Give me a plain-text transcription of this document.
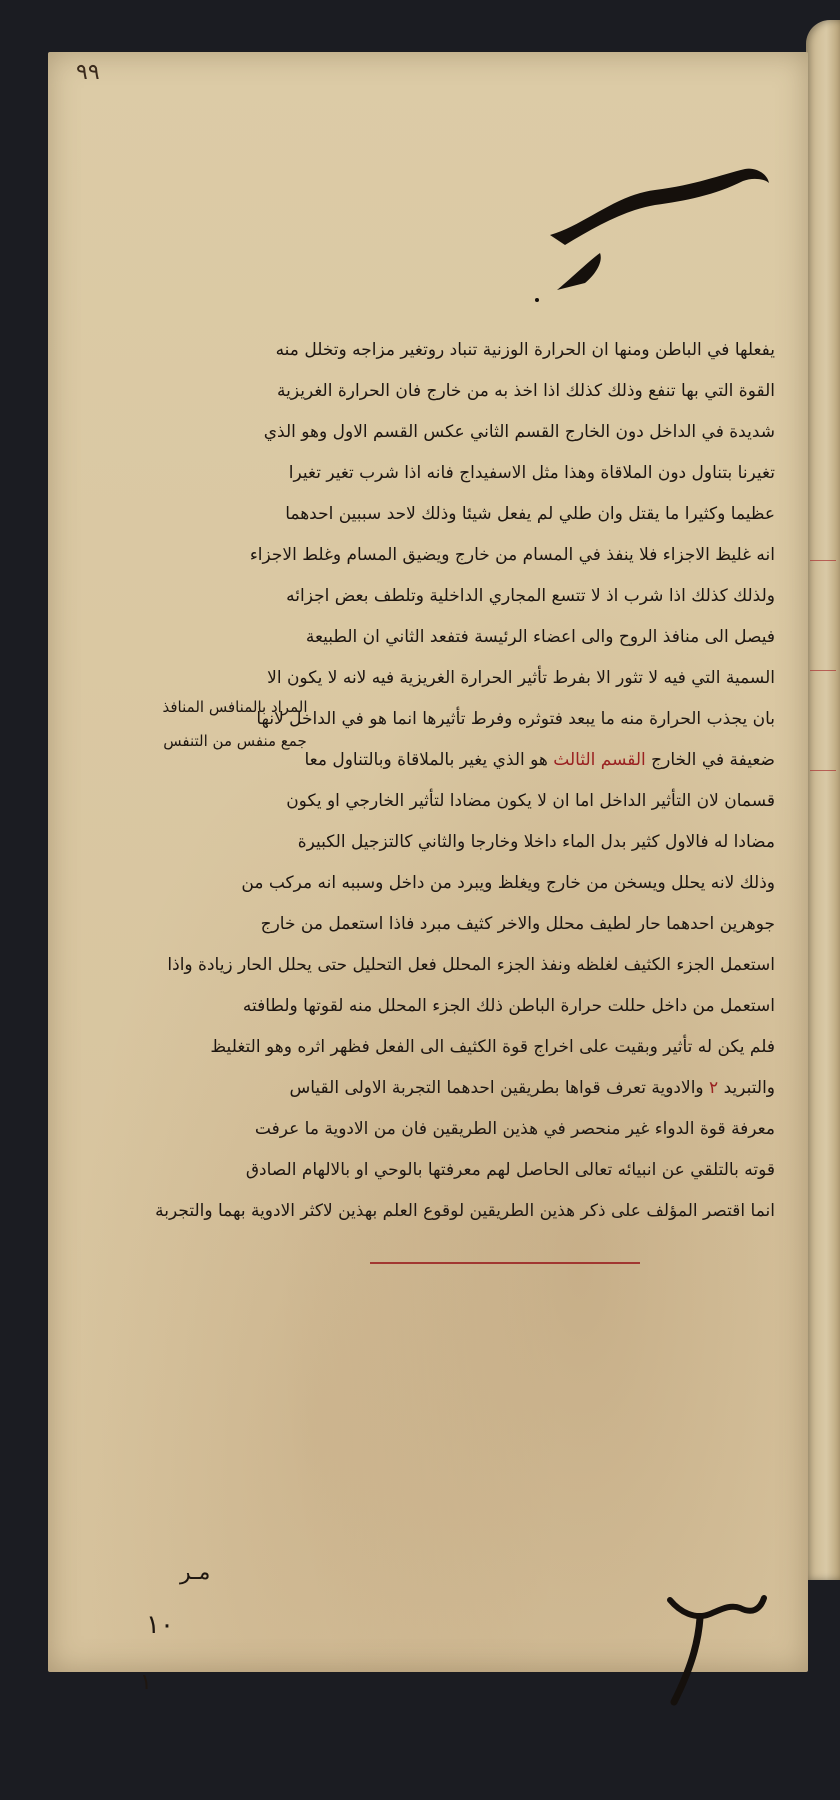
۹۹
يفعلها في الباطن ومنها ان الحرارة الوزنية تنباد روتغير مزاجه وتخلل منه
القوة التي بها تنفع وذلك كذلك اذا اخذ به من خارج فان الحرارة الغريزية
شديدة في الداخل دون الخارج القسم الثاني عكس القسم الاول وهو الذي
تغيرنا بتناول دون الملاقاة وهذا مثل الاسفيداج فانه اذا شرب تغير تغيرا
عظيما وكثيرا ما يقتل وان طلي لم يفعل شيئا وذلك لاحد سببين احدهما
انه غليظ الاجزاء فلا ينفذ في المسام من خارج ويضيق المسام وغلط الاجزاء
ولذلك كذلك اذا شرب اذ لا تتسع المجاري الداخلية وتلطف بعض اجزائه
فيصل الى منافذ الروح والى اعضاء الرئيسة فتفعد الثاني ان الطبيعة
السمية التي فيه لا تثور الا بفرط تأثير الحرارة الغريزية فيه لانه لا يكون الا
بان يجذب الحرارة منه ما يبعد فتوثره وفرط تأثيرها انما هو في الداخل لانها
ضعيفة في الخارج القسم الثالث هو الذي يغير بالملاقاة وبالتناول معا
قسمان لان التأثير الداخل اما ان لا يكون مضادا لتأثير الخارجي او يكون
مضادا له فالاول كثير بدل الماء داخلا وخارجا والثاني كالتزجيل الكبيرة
وذلك لانه يحلل ويسخن من خارج ويغلظ ويبرد من داخل وسببه انه مركب من
جوهرين احدهما حار لطيف محلل والاخر كثيف مبرد فاذا استعمل من خارج
استعمل الجزء الكثيف لغلظه ونفذ الجزء المحلل فعل التحليل حتى يحلل الحار زيادة واذا
استعمل من داخل حللت حرارة الباطن ذلك الجزء المحلل منه لقوتها ولطافته
فلم يكن له تأثير وبقيت على اخراج قوة الكثيف الى الفعل فظهر اثره وهو التغليظ
والتبريد ٢ والادوية تعرف قواها بطريقين احدهما التجربة الاولى القياس
معرفة قوة الدواء غير منحصر في هذين الطريقين فان من الادوية ما عرفت
قوته بالتلقي عن انبيائه تعالى الحاصل لهم معرفتها بالوحي او بالالهام الصادق
انما اقتصر المؤلف على ذكر هذين الطريقين لوقوع العلم بهذين لاكثر الادوية بهما والتجربة
المراد بالمنافس المنافذ
جمع منفس من التنفس
مـر
١٠
١
